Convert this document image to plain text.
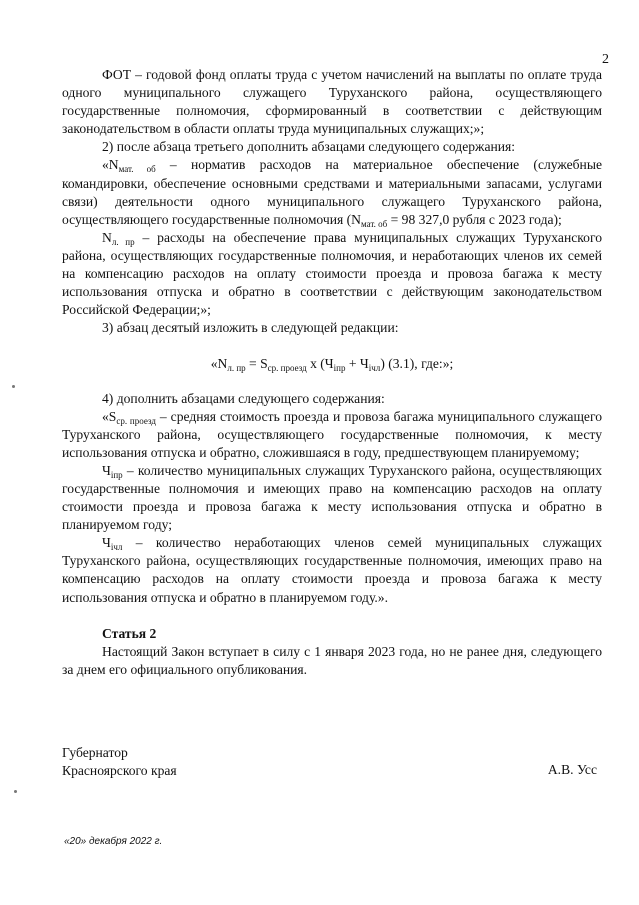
2

ФОТ – годовой фонд оплаты труда с учетом начислений на выплаты по оплате труда одного муниципального служащего Туруханского района, осуществляющего государственные полномочия, сформированный в соответствии с действующим законодательством в области оплаты труда муниципальных служащих;»;

2) после абзаца третьего дополнить абзацами следующего содержания:

«$N_{мат. об}$ – норматив расходов на материальное обеспечение (служебные командировки, обеспечение основными средствами и материальными запасами, услугами связи) деятельности одного муниципального служащего Туруханского района, осуществляющего государственные полномочия ($N_{мат. об} = 98$ 327,0 рубля с 2023 года);

$N_{л. пр}$ – расходы на обеспечение права муниципальных служащих Туруханского района, осуществляющих государственные полномочия, и неработающих членов их семей на компенсацию расходов на оплату стоимости проезда и провоза багажа к месту использования отпуска и обратно в соответствии с действующим законодательством Российской Федерации;»;

3) абзац десятый изложить в следующей редакции:

«$N_{л. пр} = S_{ср. проезд}$ x $(Ч_{iпр} + Ч_{iчл})$ (3.1), где:»;

4) дополнить абзацами следующего содержания:

«$S_{ср. проезд}$ – средняя стоимость проезда и провоза багажа муниципального служащего Туруханского района, осуществляющего государственные полномочия, к месту использования отпуска и обратно, сложившаяся в году, предшествующем планируемому;

$Ч_{iпр}$ – количество муниципальных служащих Туруханского района, осуществляющих государственные полномочия и имеющих право на компенсацию расходов на оплату стоимости проезда и провоза багажа к месту использования отпуска и обратно в планируемом году;

$Ч_{iчл}$ – количество неработающих членов семей муниципальных служащих Туруханского района, осуществляющих государственные полномочия, имеющих право на компенсацию расходов на оплату стоимости проезда и провоза багажа к месту использования отпуска и обратно в планируемом году.».

Статья 2

Настоящий Закон вступает в силу с 1 января 2023 года, но не ранее дня, следующего за днем его официального опубликования.

Губернатор
Красноярского края	А.В. Усс
«20» декабря 2022 г.
